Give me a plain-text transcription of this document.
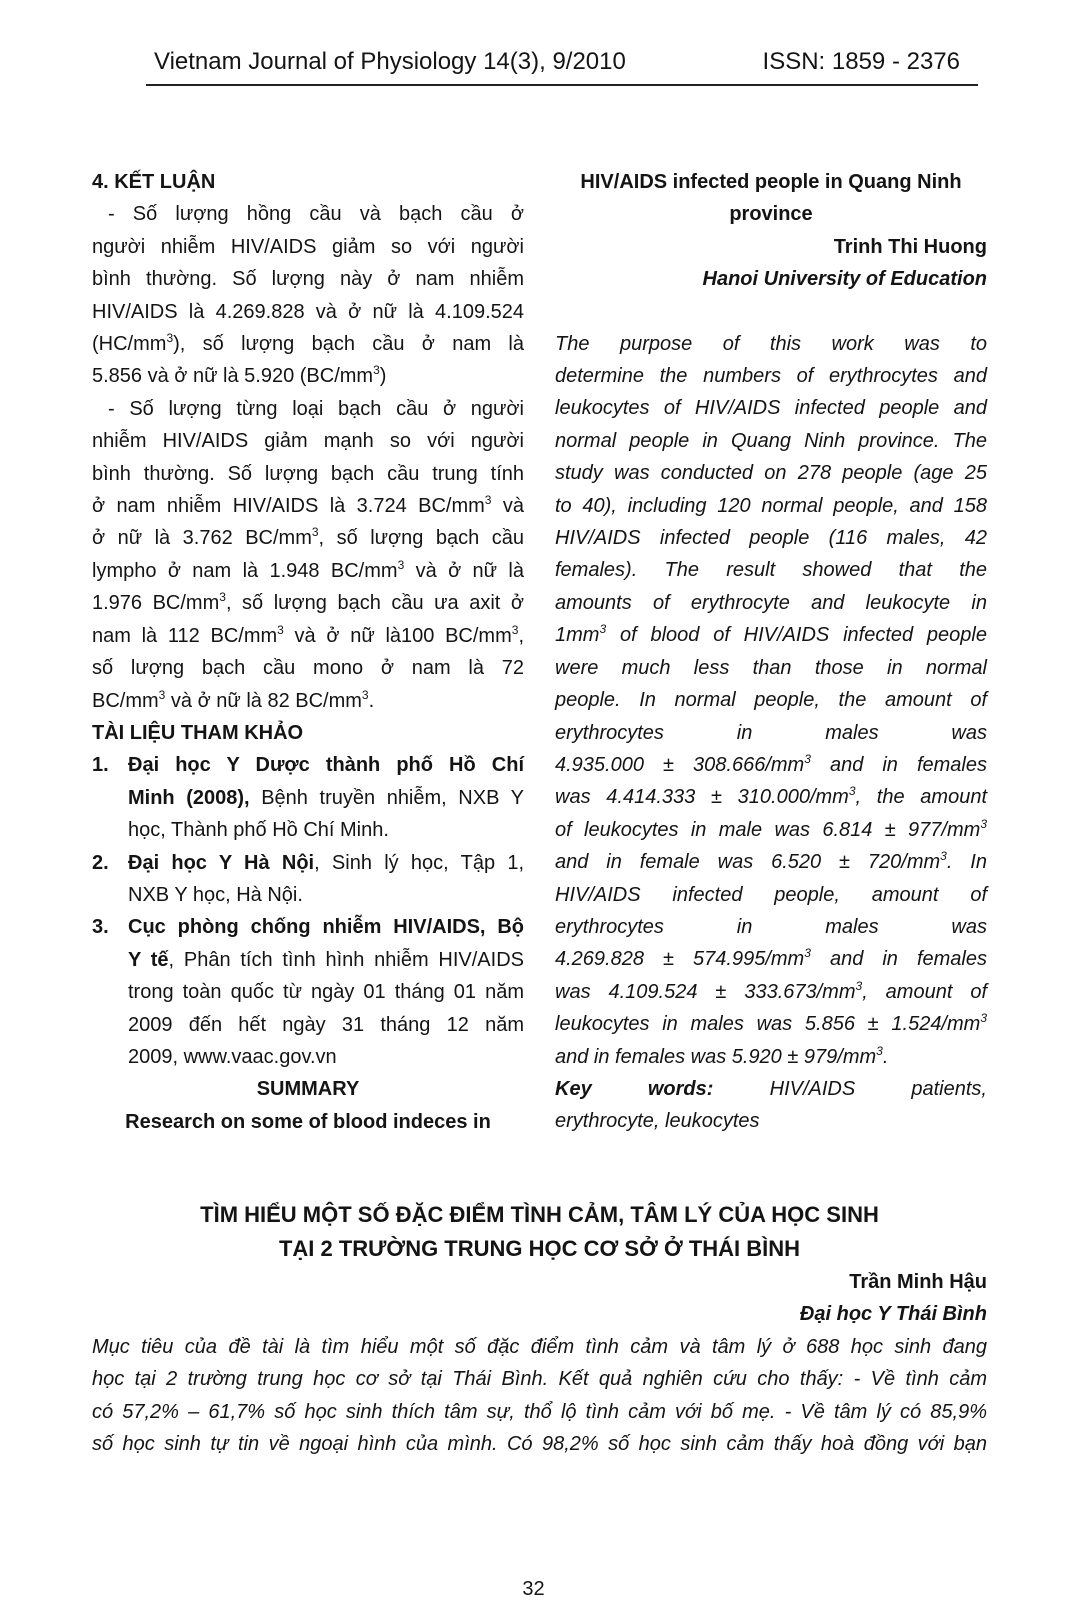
Vietnam Journal of Physiology 14(3), 9/2010	ISSN: 1859 - 2376
4. KẾT LUẬN
- Số lượng hồng cầu và bạch cầu ở
người nhiễm HIV/AIDS giảm so với người
bình thường. Số lượng này ở nam nhiễm
HIV/AIDS là 4.269.828 và ở nữ là 4.109.524
$(HC/mm^3)$, số lượng bạch cầu ở nam là
5.856 và ở nữ là 5.920 $(BC/mm^3)$
- Số lượng từng loại bạch cầu ở người
nhiễm HIV/AIDS giảm mạnh so với người
bình thường. Số lượng bạch cầu trung tính
ở nam nhiễm HIV/AIDS là 3.724 $BC/mm^3$ và
ở nữ là 3.762 $BC/mm^3$, số lượng bạch cầu
lympho ở nam là 1.948 $BC/mm^3$ và ở nữ là
1.976 $BC/mm^3$, số lượng bạch cầu ưa axit ở
nam là 112 $BC/mm^3$ và ở nữ là100 $BC/mm^3$,
số lượng bạch cầu mono ở nam là 72
$BC/mm^3$ và ở nữ là 82 $BC/mm^3$.
TÀI LIỆU THAM KHẢO
1. Đại học Y Dược thành phố Hồ Chí
Minh (2008), Bệnh truyền nhiễm, NXB Y
học, Thành phố Hồ Chí Minh.
2. Đại học Y Hà Nội, Sinh lý học, Tập 1,
NXB Y học, Hà Nội.
3. Cục phòng chống nhiễm HIV/AIDS, Bộ
Y tế, Phân tích tình hình nhiễm HIV/AIDS
trong toàn quốc từ ngày 01 tháng 01 năm
2009 đến hết ngày 31 tháng 12 năm
2009, www.vaac.gov.vn
SUMMARY
Research on some of blood indeces in
HIV/AIDS infected people in Quang Ninh
province
Trinh Thi Huong
Hanoi University of Education
The purpose of this work was to
determine the numbers of erythrocytes and
leukocytes of HIV/AIDS infected people and
normal people in Quang Ninh province. The
study was conducted on 278 people (age 25
to 40), including 120 normal people, and 158
HIV/AIDS infected people (116 males, 42
females). The result showed that the
amounts of erythrocyte and leukocyte in
$1mm^3$ of blood of HIV/AIDS infected people
were much less than those in normal
people. In normal people, the amount of
erythrocytes in males was
$4.935.000 \pm 308.666/mm^3$ and in females
was $4.414.333 \pm 310.000/mm^3$, the amount
of leukocytes in male was $6.814 \pm 977/mm^3$
and in female was $6.520 \pm 720/mm^3$. In
HIV/AIDS infected people, amount of
erythrocytes in males was
$4.269.828 \pm 574.995/mm^3$ and in females
was $4.109.524 \pm 333.673/mm^3$, amount of
leukocytes in males was $5.856 \pm 1.524/mm^3$
and in females was $5.920 \pm 979/mm^3$.
Key words:	HIV/AIDS patients,
erythrocyte, leukocytes
TÌM HIỂU MỘT SỐ ĐẶC ĐIỂM TÌNH CẢM, TÂM LÝ CỦA HỌC SINH
TẠI 2 TRƯỜNG TRUNG HỌC CƠ SỞ Ở THÁI BÌNH
Trần Minh Hậu
Đại học Y Thái Bình
Mục tiêu của đề tài là tìm hiểu một số đặc điểm tình cảm và tâm lý ở 688 học sinh đang
học tại 2 trường trung học cơ sở tại Thái Bình. Kết quả nghiên cứu cho thấy: - Về tình cảm
có 57,2% – 61,7% số học sinh thích tâm sự, thổ lộ tình cảm với bố mẹ. - Về tâm lý có 85,9%
số học sinh tự tin về ngoại hình của mình. Có 98,2% số học sinh cảm thấy hoà đồng với bạn
32
